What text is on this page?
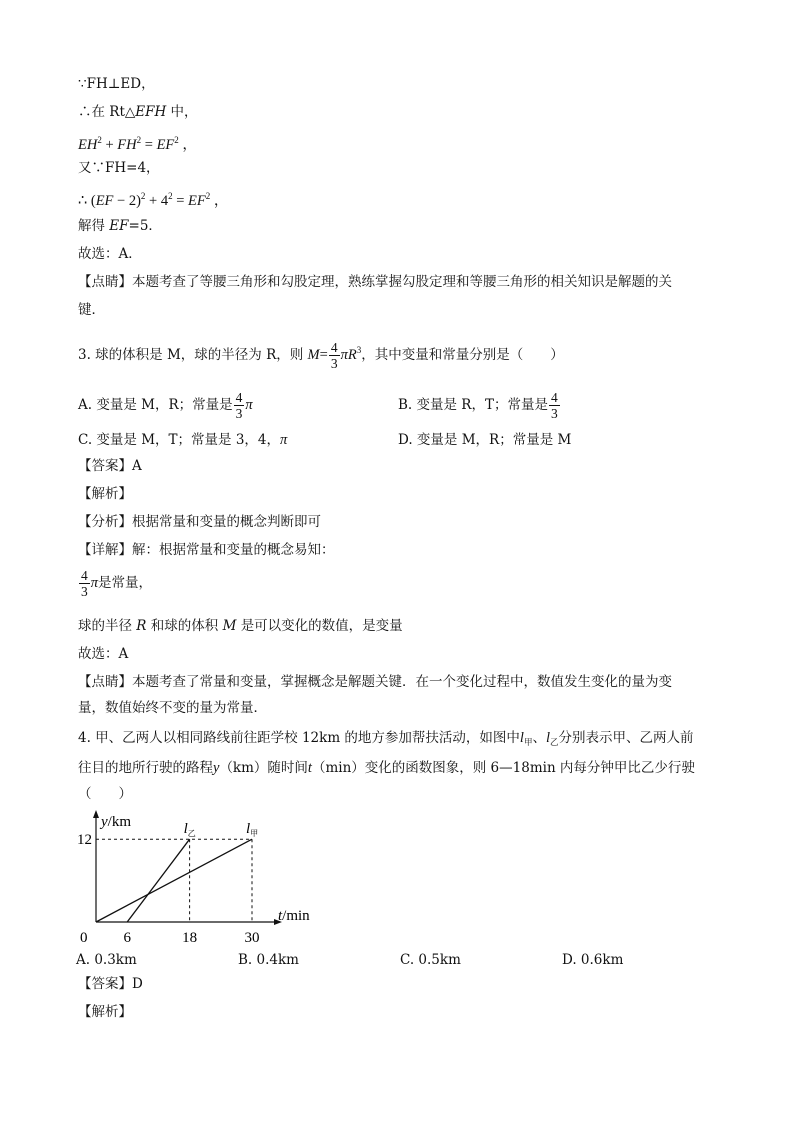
∵FH⊥ED，
∴在 Rt△EFH 中，
$EH^2 + FH^2 = EF^2$ ，
又∵FH=4，
∴ $(EF - 2)^2 + 4^2 = EF^2$ ，
解得 EF=5．
故选：A．
【点睛】本题考查了等腰三角形和勾股定理，熟练掌握勾股定理和等腰三角形的相关知识是解题的关
键．
3. 球的体积是 M，球的半径为 R，则 $M= \frac{4}{3} \pi R^3$，其中变量和常量分别是（　　）
A. 变量是 M，R；常量是 $\frac{4}{3}$ π	B. 变量是 R，T；常量是 $\frac{4}{3}$
C. 变量是 M，T；常量是 3，4，π	D. 变量是 M，R；常量是 M
【答案】A
【解析】
【分析】根据常量和变量的概念判断即可
【详解】解：根据常量和变量的概念易知：
$\frac{4}{3}$ π是常量，
球的半径 R 和球的体积 M 是可以变化的数值，是变量
故选：A
【点睛】本题考查了常量和变量，掌握概念是解题关键．在一个变化过程中，数值发生变化的量为变
量，数值始终不变的量为常量．
4. 甲、乙两人以相同路线前往距学校 12km 的地方参加帮扶活动，如图中$l_甲$、$l_乙$分别表示甲、乙两人前
往目的地所行驶的路程y（km）随时间t（min）变化的函数图象，则 6—18min 内每分钟甲比乙少行驶
（　　）
y/km
t/min
0 6	18	30
12
$l_甲$
$l_乙$
A. 0.3km	B. 0.4km	C. 0.5km	D. 0.6km
【答案】D
【解析】
